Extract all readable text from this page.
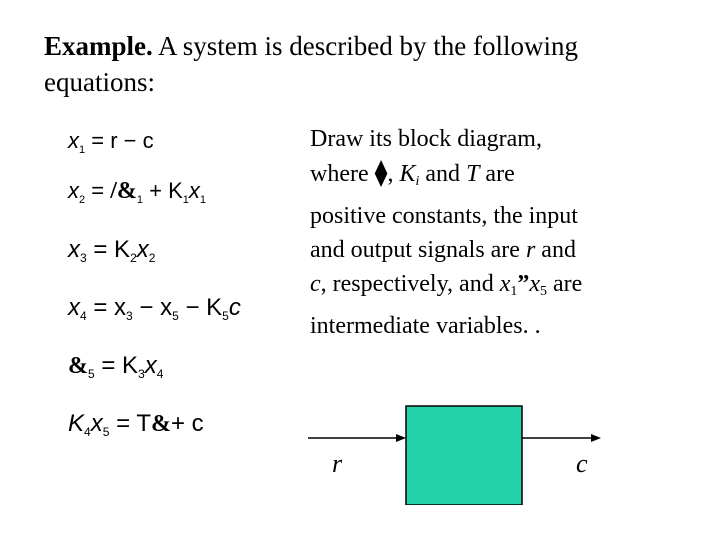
Example. A system is described by the following equations:
$x_1 = r - c$
$x_2$ = $/\&_1 + K_1x_1$
$x_3 = K_2x_2$
$x_4 = x_3 - x_5 - K_5c$
$\&_5 = K_3x_4$
$K_4x_5$ = T&+ c
Draw its block diagram,
where ⧫, $K_i$ and T are
positive constants, the input
and output signals are r and
c, respectively, and $x_1”x_5$ are
intermediate variables. .
r	c
